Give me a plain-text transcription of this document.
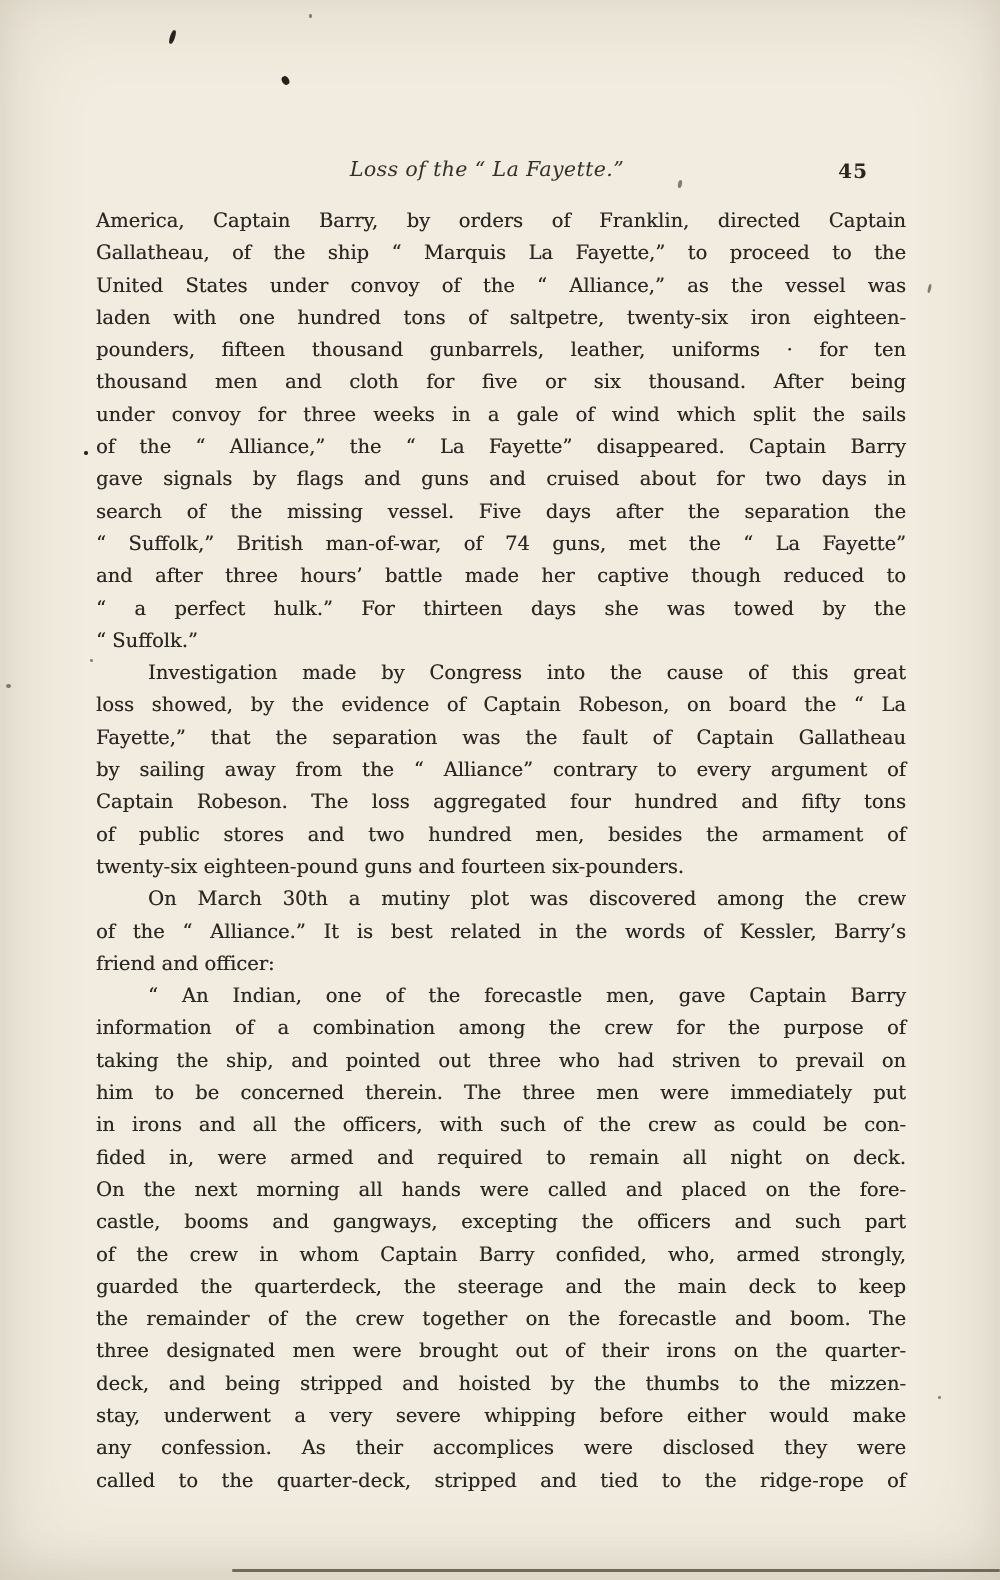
Loss of the “ La Fayette.”	45
America, Captain Barry, by orders of Franklin, directed Captain
Gallatheau, of the ship “ Marquis La Fayette,” to proceed to the
United States under convoy of the “ Alliance,” as the vessel was
laden with one hundred tons of saltpetre, twenty-six iron eighteen-
pounders, fifteen thousand gunbarrels, leather, uniforms · for ten
thousand men and cloth for five or six thousand. After being
under convoy for three weeks in a gale of wind which split the sails
of the “ Alliance,” the “ La Fayette” disappeared. Captain Barry
gave signals by flags and guns and cruised about for two days in
search of the missing vessel. Five days after the separation the
“ Suffolk,” British man-of-war, of 74 guns, met the “ La Fayette”
and after three hours’ battle made her captive though reduced to
“ a perfect hulk.” For thirteen days she was towed by the
“ Suffolk.”
Investigation made by Congress into the cause of this great
loss showed, by the evidence of Captain Robeson, on board the “ La
Fayette,” that the separation was the fault of Captain Gallatheau
by sailing away from the “ Alliance” contrary to every argument of
Captain Robeson. The loss aggregated four hundred and fifty tons
of public stores and two hundred men, besides the armament of
twenty-six eighteen-pound guns and fourteen six-pounders.
On March 30th a mutiny plot was discovered among the crew
of the “ Alliance.” It is best related in the words of Kessler, Barry’s
friend and officer:
“ An Indian, one of the forecastle men, gave Captain Barry
information of a combination among the crew for the purpose of
taking the ship, and pointed out three who had striven to prevail on
him to be concerned therein. The three men were immediately put
in irons and all the officers, with such of the crew as could be con-
fided in, were armed and required to remain all night on deck.
On the next morning all hands were called and placed on the fore-
castle, booms and gangways, excepting the officers and such part
of the crew in whom Captain Barry confided, who, armed strongly,
guarded the quarterdeck, the steerage and the main deck to keep
the remainder of the crew together on the forecastle and boom. The
three designated men were brought out of their irons on the quarter-
deck, and being stripped and hoisted by the thumbs to the mizzen-
stay, underwent a very severe whipping before either would make
any confession. As their accomplices were disclosed they were
called to the quarter-deck, stripped and tied to the ridge-rope of
